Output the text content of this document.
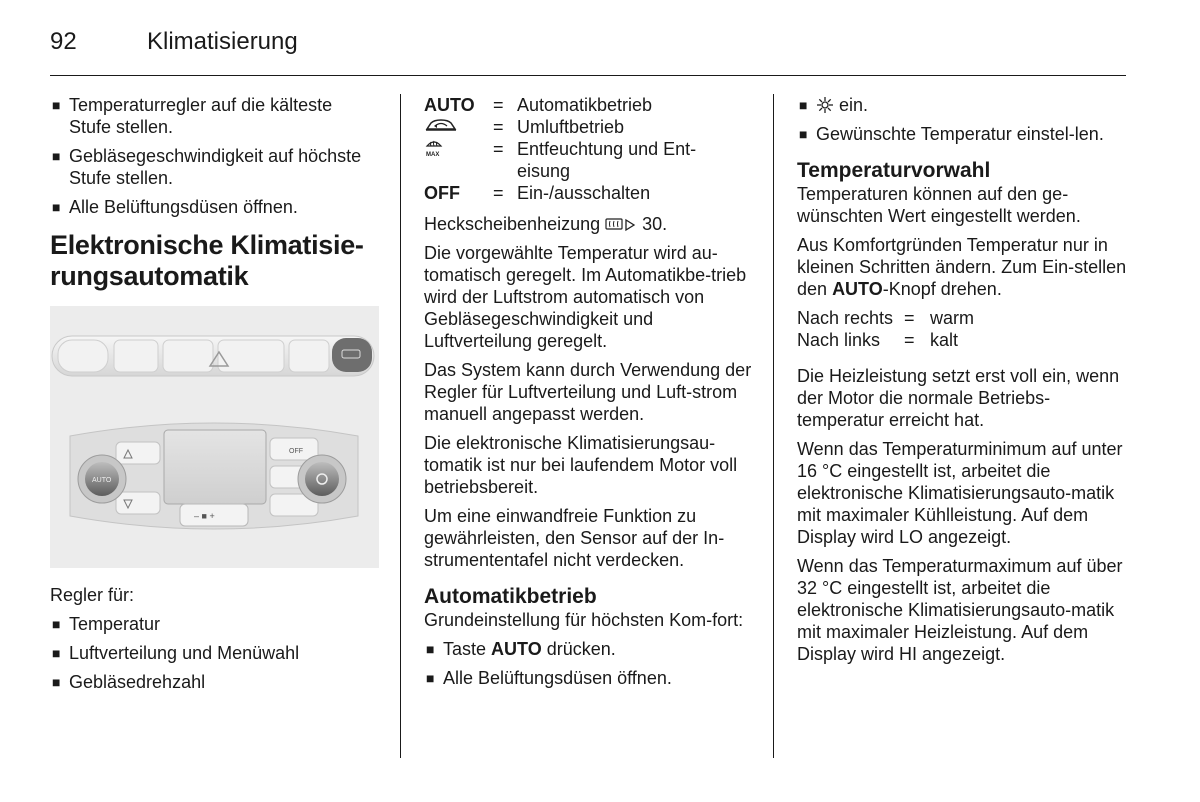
92	Klimatisierung
■ Temperaturregler auf die kälteste Stufe stellen.
■ Gebläsegeschwindigkeit auf höchste Stufe stellen.
■ Alle Belüftungsdüsen öffnen.
Elektronische Klimatisie-
rungsautomatik
OFF
AUTO
– ■ +

Regler für:

■ Temperatur
■ Luftverteilung und Menüwahl
■ Gebläsedrehzahl
AUTO	=	Automatikbetrieb
	=	Umluftbetrieb

MAX	=	Entfeuchtung und Ent-
eisung
OFF	=	Ein-/ausschalten

Heckscheibenheizung 30.

Die vorgewählte Temperatur wird au-tomatisch geregelt. Im Automatikbe-trieb wird der Luftstrom automatisch von Gebläsegeschwindigkeit und Luftverteilung geregelt.

Das System kann durch Verwendung der Regler für Luftverteilung und Luft-strom manuell angepasst werden.

Die elektronische Klimatisierungsau-tomatik ist nur bei laufendem Motor voll betriebsbereit.

Um eine einwandfreie Funktion zu gewährleisten, den Sensor auf der In-strumententafel nicht verdecken.

Automatikbetrieb

Grundeinstellung für höchsten Kom-fort:

■ Taste AUTO drücken.
■ Alle Belüftungsdüsen öffnen.
■ ein.
■ Gewünschte Temperatur einstel-len.
Temperaturvorwahl

Temperaturen können auf den ge-wünschten Wert eingestellt werden.

Aus Komfortgründen Temperatur nur in kleinen Schritten ändern. Zum Ein-stellen den AUTO-Knopf drehen.

Nach rechts	=	warm
Nach links	=	kalt

Die Heizleistung setzt erst voll ein, wenn der Motor die normale Betriebs-temperatur erreicht hat.

Wenn das Temperaturminimum auf unter 16 °C eingestellt ist, arbeitet die elektronische Klimatisierungsauto-matik mit maximaler Kühlleistung. Auf dem Display wird LO angezeigt.

Wenn das Temperaturmaximum auf über 32 °C eingestellt ist, arbeitet die elektronische Klimatisierungsauto-matik mit maximaler Heizleistung. Auf dem Display wird HI angezeigt.
